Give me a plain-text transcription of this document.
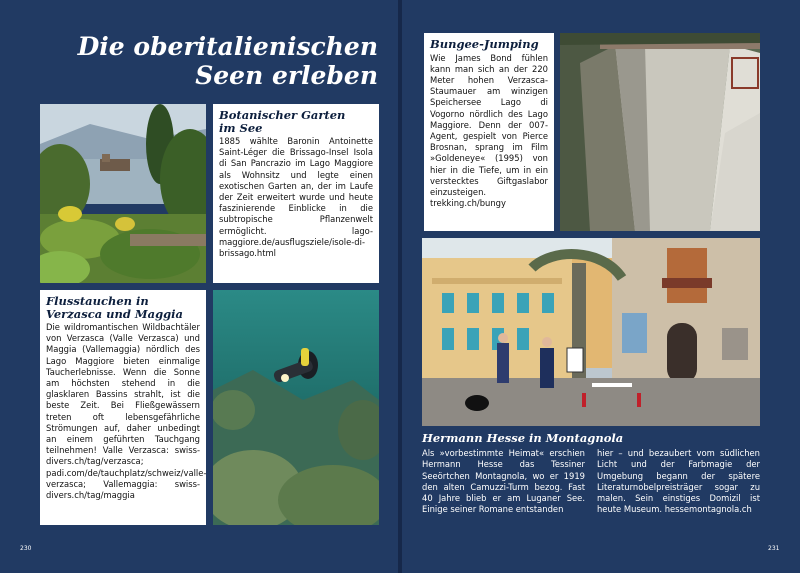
Die oberitalienischen
Seen erleben
Botanischer Garten
im See

1885 wählte Baronin Antoinette Saint-Léger die Brissago-Insel Isola di San Pancrazio im Lago Maggiore als Wohnsitz und legte einen exotischen Garten an, der im Laufe der Zeit erweitert wurde und heute faszinierende Einblicke in die subtropische Pflanzenwelt ermöglicht. lago-maggiore.de/ausflugsziele/isole-di-brissago.html

Flusstauchen in
Verzasca und Maggia

Die wildromantischen Wildbachtäler von Verzasca (Valle Verzasca) und Maggia (Vallemaggia) nördlich des Lago Maggiore bieten einmalige Taucherlebnisse. Wenn die Sonne am höchsten stehend in die glasklaren Bassins strahlt, ist die beste Zeit. Bei Fließgewässern treten oft lebensgefährliche Strömungen auf, daher unbedingt an einem geführten Tauchgang teilnehmen! Valle Verzasca: swiss-divers.ch/tag/verzasca; padi.com/de/tauchplatz/schweiz/valle-verzasca; Vallemaggia: swiss-divers.ch/tag/maggia

230
Bungee-Jumping

Wie James Bond fühlen kann man sich an der 220 Meter hohen Verzasca-Staumauer am winzigen Speichersee Lago di Vogorno nördlich des Lago Maggiore. Denn der 007-Agent, gespielt von Pierce Brosnan, sprang im Film »Goldeneye« (1995) von hier in die Tiefe, um in ein verstecktes Giftgaslabor einzusteigen. trekking.ch/bungy

Hermann Hesse in Montagnola

Als »vorbestimmte Heimat« erschien Hermann Hesse das Tessiner Seeörtchen Montagnola, wo er 1919 den alten Camuzzi-Turm bezog. Fast 40 Jahre blieb er am Luganer See. Einige seiner Romane entstanden

hier – und bezaubert vom südlichen Licht und der Farbmagie der Umgebung begann der spätere Literaturnobelpreisträger sogar zu malen. Sein einstiges Domizil ist heute Museum. hessemontagnola.ch

231
